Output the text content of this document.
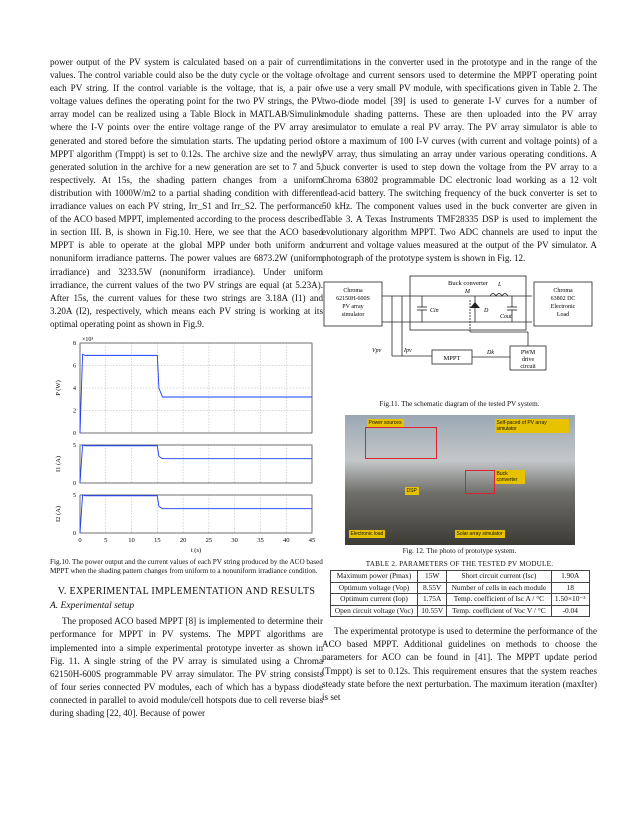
power output of the PV system is calculated based on a pair of current values. The control variable could also be the duty cycle or the voltage of each PV string. If the control variable is the voltage, that is, a pair of voltage values defines the operating point for the two PV strings, the PV array model can be realized using a Table Block in MATLAB/Simulink where the I-V points over the entire voltage range of the PV array are generated and stored before the simulation starts. The updating period of MPPT algorithm (Tmppt) is set to 0.12s. The archive size and the newly generated solution in the archive for a new generation are set to 7 and 5, respectively. At 15s, the shading pattern changes from a uniform distribution with 1000W/m2 to a partial shading condition with different irradiance values on each PV string, Irr_S1 and Irr_S2. The performance of the ACO based MPPT, implemented according to the process described in section III. B, is shown in Fig.10. Here, we see that the ACO based MPPT is able to operate at the global MPP under both uniform and nonuniform irradiance patterns. The power values are 6873.2W (uniform irradiance) and 3233.5W (nonuniform irradiance). Under uniform irradiance, the current values of the two PV strings are equal (at 5.23A). After 15s, the current values for these two strings are 3.18A (I1) and 3.20A (I2), respectively, which means each PV string is working at its optimal operating point as shown in Fig.9.

0
2
4
6
8
P (W)
×10³
0
5
I1 (A)
0
5
I2 (A)
0	5	10	15	20	25	30	35	40	45
t (s)

Fig.10. The power output and the current values of each PV string produced by the ACO based MPPT when the shading pattern changes from uniform to a nonuniform irradiance condition.

V. EXPERIMENTAL IMPLEMENTATION AND RESULTS
A. Experimental setup

The proposed ACO based MPPT [8] is implemented to determine their performance for MPPT in PV systems. The MPPT algorithms are implemented into a simple experimental prototype inverter as shown in Fig. 11. A single string of the PV array is simulated using a Chroma 62150H-600S programmable PV array simulator. The PV string consists of four series connected PV modules, each of which has a bypass diode connected in parallel to avoid module/cell hotspots due to cell reverse bias during shading [22, 40]. Because of power

limitations in the converter used in the prototype and in the range of the voltage and current sensors used to determine the MPPT operating point we use a very small PV module, with specifications given in Table 2. The two-diode model [39] is used to generate I-V curves for a number of module shading patterns. These are then uploaded into the PV array simulator to emulate a real PV array. The PV array simulator is able to store a maximum of 100 I-V curves (with current and voltage points) of a PV array, thus simulating an array under various operating conditions. A buck converter is used to step down the voltage from the PV array to a Chroma 63802 programmable DC electronic load working as a 12 volt lead-acid battery. The switching frequency of the buck converter is set to 50 kHz. The component values used in the buck converter are given in Table 3. A Texas Instruments TMF28335 DSP is used to implement the evolutionary algorithm MPPT. Two ADC channels are used to input the current and voltage values measured at the output of the PV simulator. A photograph of the prototype system is shown in Fig. 12.

Chroma
62150H-600S
PV array
simulator
Buck converter
Cin
M
D
L
Cout
Chroma
63802 DC
Electronic
Load
Vpv	Ipv
MPPT
Dk	PWM
drive
circuit

Fig.11. The schematic diagram of the tested PV system.

Power sources	Self-paced of PV array simulator
Buck converter
DSP
Electronic load	Solar array simulator

Fig. 12. The photo of prototype system.

TABLE 2. PARAMETERS OF THE TESTED PV MODULE.
Maximum power (Pmax)	15W	Short circuit current (Isc)	1.90A
Optimum voltage (Vop)	8.55V	Number of cells in each module	18
Optimum current (Iop)	1.75A	Temp. coefficient of Isc A / °C	1.50×10⁻³
Open circuit voltage (Voc)	10.55V	Temp. coefficient of Voc V / °C	-0.04

The experimental prototype is used to determine the performance of the ACO based MPPT. Additional guidelines on methods to choose the parameters for ACO can be found in [41]. The MPPT update period (Tmppt) is set to 0.12s. This requirement ensures that the system reaches steady state before the next perturbation. The maximum iteration (maxIter) is set
